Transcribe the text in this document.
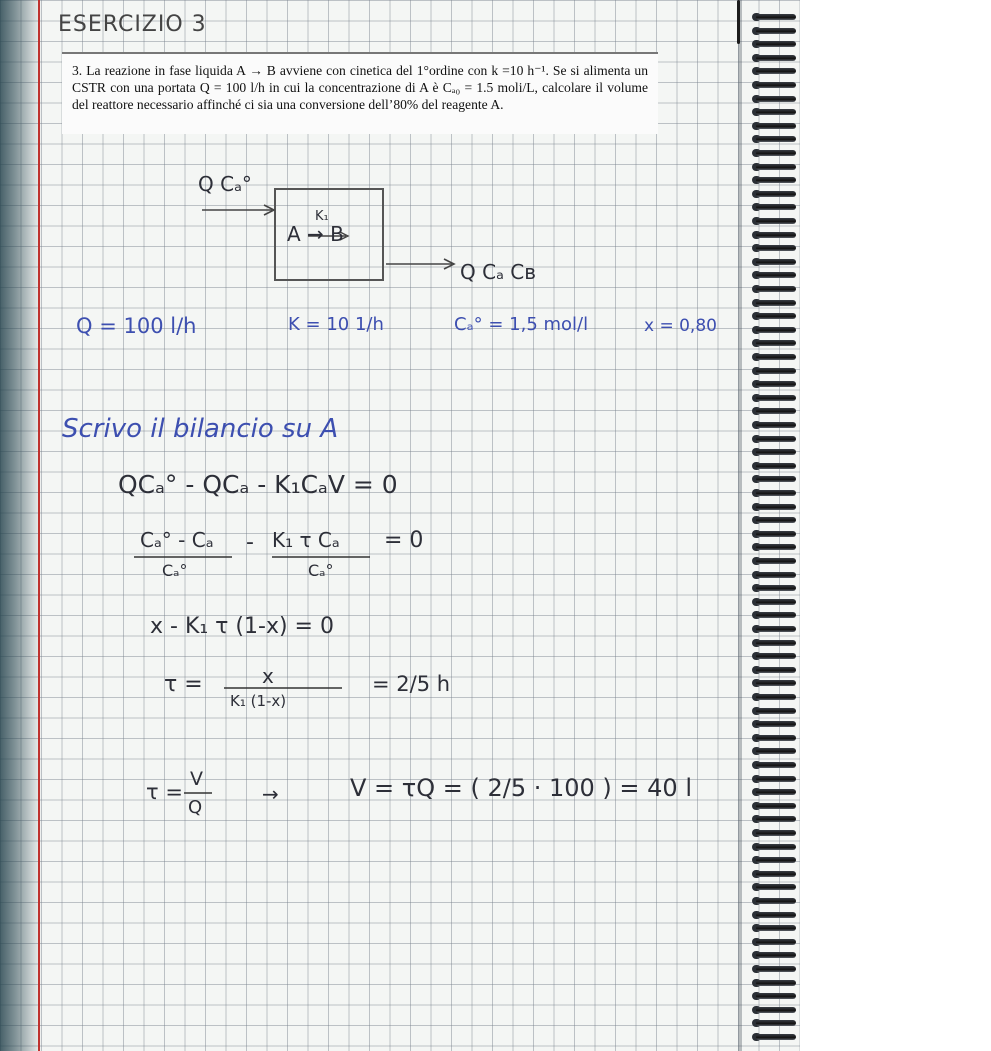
ESERCIZIO 3
3. La reazione in fase liquida A → B avviene con cinetica del 1°ordine con k =10 h⁻¹. Se si alimenta un CSTR con una portata Q = 100 l/h in cui la concentrazione di A è Cₐ₀ = 1.5 moli/L, calcolare il volume del reattore necessario affinché ci sia una conversione dell’80% del reagente A.
Q Cₐ°
A → B
K₁
Q Cₐ Cʙ
Q = 100 l/h	K = 10 1/h	Cₐ° = 1,5 mol/l	x = 0,80
Scrivo il bilancio su A
QCₐ° - QCₐ - K₁CₐV = 0
Cₐ° - Cₐ
Cₐ°
- K₁ τ Cₐ
Cₐ°
= 0
x - K₁ τ (1-x) = 0
τ =	x
K₁ (1-x)
= 2/5 h
τ =
V
Q
→	V = τQ = ( 2/5 · 100 ) = 40 l
